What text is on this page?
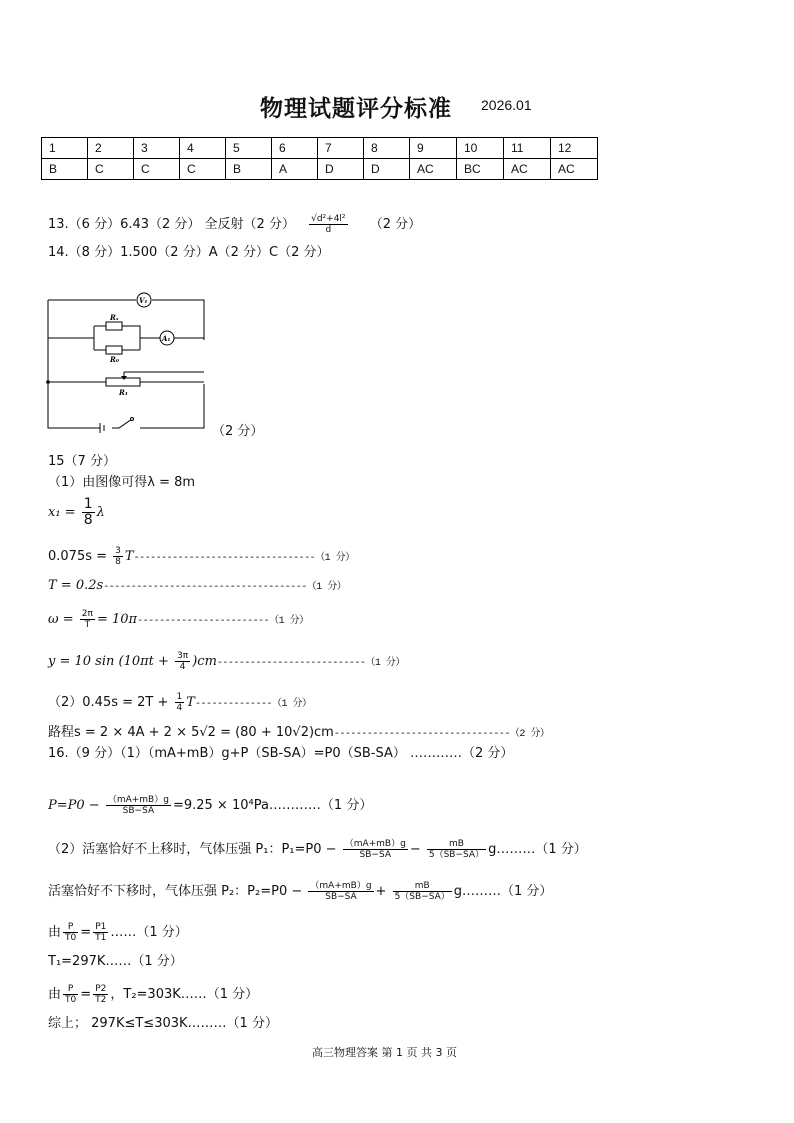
物理试题评分标准 2026.01
1	2	3	4	5	6	7	8	9	10	11	12
B	C	C	C	B	A	D	D	AC	BC	AC	AC
13.（6 分）6.43（2 分） 全反射（2 分） $\frac{\text{√d²+4l²}}{d} (2$ 分）
14.（8 分）1.500（2 分）A（2 分）C（2 分）
V₁
A₁
Rₓ
R₀
R₁
（2 分）
15（7 分）
（1）由图像可得λ = 8m
$x_1 = \frac{1}{8}$ λ
$0.075s = \frac{3}{8} T---------------------------------(1$ 分）
T = 0.2s-------------------------------------（1 分）
$\omega = \frac{2\pi}{T} = 10\pi------------------------(1$ 分）
y = 10 $\sin (10\pi t + \frac{3\pi}{4} )cm---------------------------(1$ 分）
$(2)0.45s = 2T + \frac{1}{4} T--------------(1$ 分）
路程s = 2 × 4A + 2 × 5√2 = (80 + 10√2)cm--------------------------------（2 分）
16.（9 分）（1）（mA+mB）g+P（SB-SA）=P0（SB-SA） …………（2 分）
$P=P0 - \frac{(mA+mB)g}{SB-SA} =9.25$ × 10⁴Pa…………（1 分）
（2）活塞恰好不上移时，气体压强 P₁：$P_1=P0 - \frac{(mA+mB)g}{SB-SA} - \frac{mB}{5(SB-SA)}$ g………（1 分）
活塞恰好不下移时，气体压强 P₂：$P_2=P0 - \frac{(mA+mB)g}{SB-SA} + \frac{mB}{5(SB-SA)}$ g………（1 分）
由 $\frac{P}{T0} = \frac{P1}{T1}$ ……（1 分）
T₁=297K……（1 分）
由 $\frac{P}{T0} = \frac{P2}{T2}$ ，T₂=303K……（1 分）
综上； 297K≤T≤303K………（1 分）
高三物理答案 第 1 页 共 3 页
